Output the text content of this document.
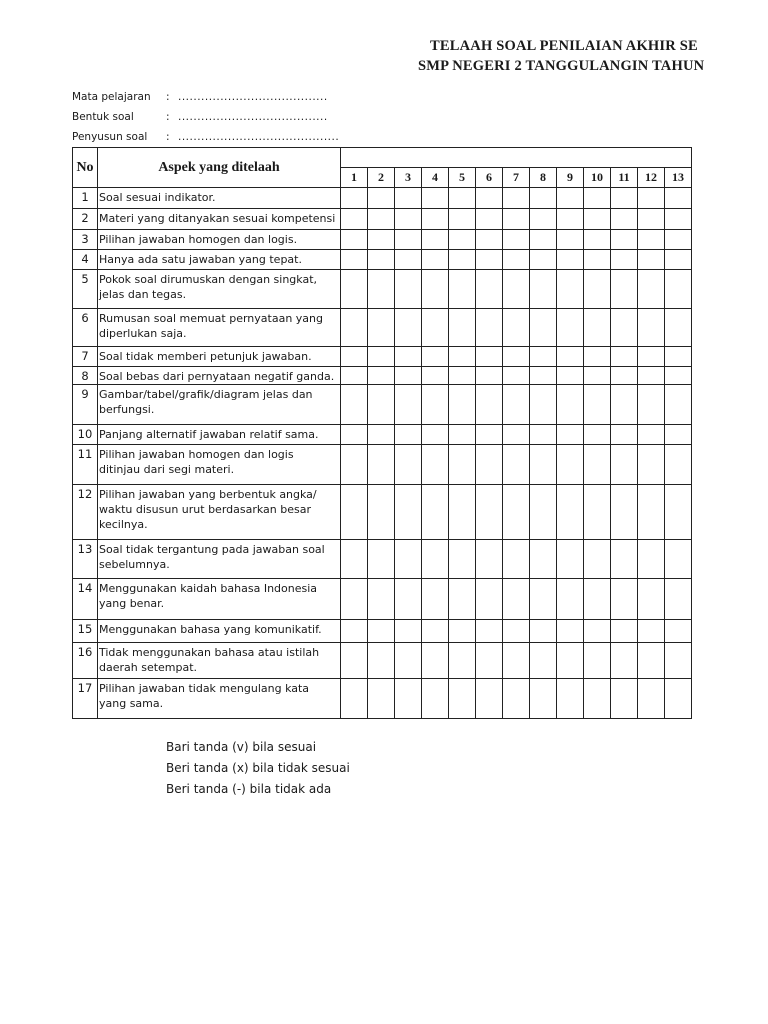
TELAAH SOAL PENILAIAN AKHIR SE
SMP NEGERI 2 TANGGULANGIN TAHUN
Mata pelajaran : .......................................
Bentuk soal	: .......................................
Penyusun soal : ..........................................
No	Aspek yang ditelaah													
		1	2	3	4	5	6	7	8	9	10	11	12	13
1	Soal sesuai indikator.													
2	Materi yang ditanyakan sesuai kompetensi													
3	Pilihan jawaban homogen dan logis.													
4	Hanya ada satu jawaban yang tepat.													
5	Pokok soal dirumuskan dengan singkat, jelas dan tegas.													
6	Rumusan soal memuat pernyataan yang diperlukan saja.													
7	Soal tidak memberi petunjuk jawaban.													
8	Soal bebas dari pernyataan negatif ganda.													
9	Gambar/tabel/grafik/diagram jelas dan berfungsi.													
10	Panjang alternatif jawaban relatif sama.													
11	Pilihan jawaban homogen dan logis ditinjau dari segi materi.													
12	Pilihan jawaban yang berbentuk angka/ waktu disusun urut berdasarkan besar kecilnya.													
13	Soal tidak tergantung pada jawaban soal sebelumnya.													
14	Menggunakan kaidah bahasa Indonesia yang benar.													
15	Menggunakan bahasa yang komunikatif.													
16	Tidak menggunakan bahasa atau istilah daerah setempat.													
17	Pilihan jawaban tidak mengulang kata yang sama.													
Bari tanda (v) bila sesuai
Beri tanda (x) bila tidak sesuai
Beri tanda (-) bila tidak ada
